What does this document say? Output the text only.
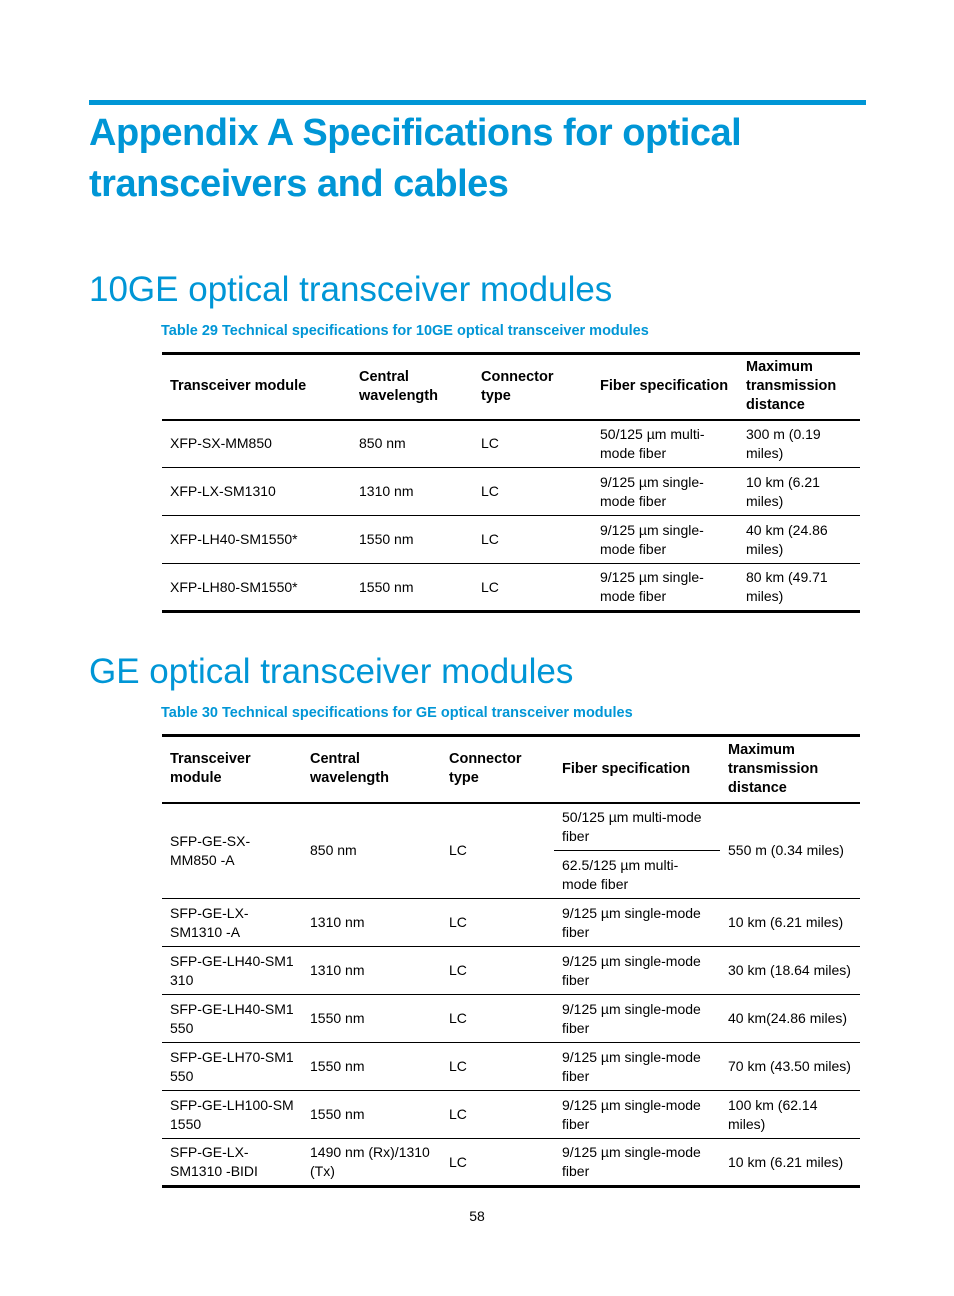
Appendix A Specifications for optical transceivers and cables
10GE optical transceiver modules
Table 29 Technical specifications for 10GE optical transceiver modules
Transceiver module	Central wavelength	Connector type	Fiber specification	Maximum transmission distance
XFP-SX-MM850	850 nm	LC	50/125 µm multi-mode fiber	300 m (0.19 miles)
XFP-LX-SM1310	1310 nm	LC	9/125 µm single-mode fiber	10 km (6.21 miles)
XFP-LH40-SM1550*	1550 nm	LC	9/125 µm single-mode fiber	40 km (24.86 miles)
XFP-LH80-SM1550*	1550 nm	LC	9/125 µm single-mode fiber	80 km (49.71 miles)
GE optical transceiver modules
Table 30 Technical specifications for GE optical transceiver modules
Transceiver module	Central wavelength	Connector type	Fiber specification	Maximum transmission distance
SFP-GE-SX-MM850 -A	850 nm	LC	50/125 µm multi-mode fiber	550 m (0.34 miles)
			62.5/125 µm multi-mode fiber	
SFP-GE-LX-SM1310 -A	1310 nm	LC	9/125 µm single-mode fiber	10 km (6.21 miles)
SFP-GE-LH40-SM1 310	1310 nm	LC	9/125 µm single-mode fiber	30 km (18.64 miles)
SFP-GE-LH40-SM1 550	1550 nm	LC	9/125 µm single-mode fiber	40 km(24.86 miles)
SFP-GE-LH70-SM1 550	1550 nm	LC	9/125 µm single-mode fiber	70 km (43.50 miles)
SFP-GE-LH100-SM 1550	1550 nm	LC	9/125 µm single-mode fiber	100 km (62.14 miles)
SFP-GE-LX-SM1310 -BIDI	1490 nm (Rx)/1310 (Tx)	LC	9/125 µm single-mode fiber	10 km (6.21 miles)
58
